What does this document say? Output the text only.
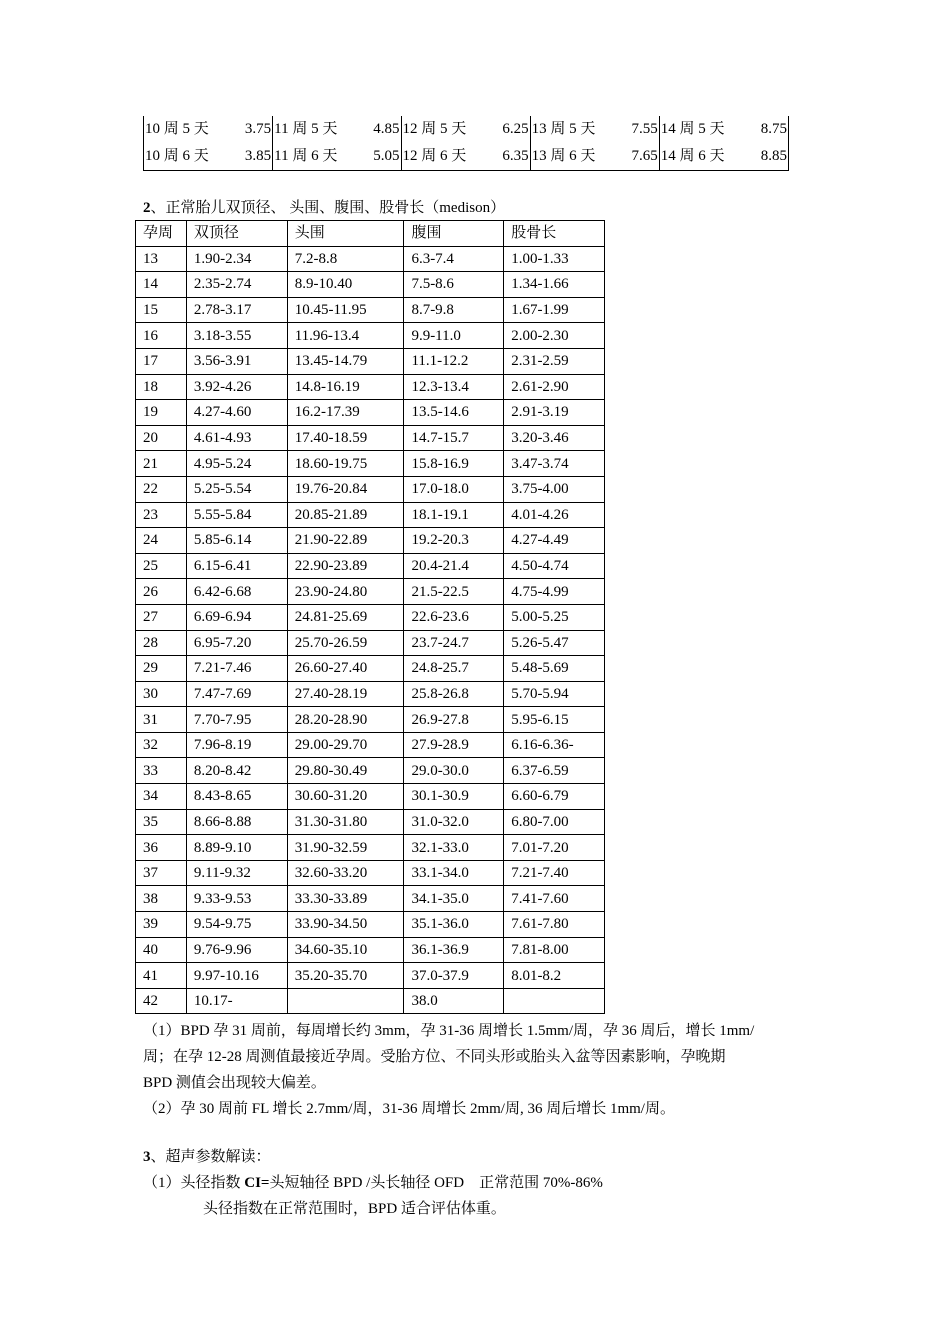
10 周 5 天 3.75	11 周 5 天 4.85	12 周 5 天 6.25	13 周 5 天 7.55	14 周 5 天 8.75

10 周 6 天 3.85	11 周 6 天 5.05	12 周 6 天 6.35	13 周 6 天 7.65	14 周 6 天 8.85
2、正常胎儿双顶径、 头围、腹围、股骨长（medison）
孕周	双顶径	头围	腹围	股骨长
13	1.90-2.34	7.2-8.8	6.3-7.4	1.00-1.33
14	2.35-2.74	8.9-10.40	7.5-8.6	1.34-1.66
15	2.78-3.17	10.45-11.95	8.7-9.8	1.67-1.99
16	3.18-3.55	11.96-13.4	9.9-11.0	2.00-2.30
17	3.56-3.91	13.45-14.79	11.1-12.2	2.31-2.59
18	3.92-4.26	14.8-16.19	12.3-13.4	2.61-2.90
19	4.27-4.60	16.2-17.39	13.5-14.6	2.91-3.19
20	4.61-4.93	17.40-18.59	14.7-15.7	3.20-3.46
21	4.95-5.24	18.60-19.75	15.8-16.9	3.47-3.74
22	5.25-5.54	19.76-20.84	17.0-18.0	3.75-4.00
23	5.55-5.84	20.85-21.89	18.1-19.1	4.01-4.26
24	5.85-6.14	21.90-22.89	19.2-20.3	4.27-4.49
25	6.15-6.41	22.90-23.89	20.4-21.4	4.50-4.74
26	6.42-6.68	23.90-24.80	21.5-22.5	4.75-4.99
27	6.69-6.94	24.81-25.69	22.6-23.6	5.00-5.25
28	6.95-7.20	25.70-26.59	23.7-24.7	5.26-5.47
29	7.21-7.46	26.60-27.40	24.8-25.7	5.48-5.69
30	7.47-7.69	27.40-28.19	25.8-26.8	5.70-5.94
31	7.70-7.95	28.20-28.90	26.9-27.8	5.95-6.15
32	7.96-8.19	29.00-29.70	27.9-28.9	6.16-6.36-
33	8.20-8.42	29.80-30.49	29.0-30.0	6.37-6.59
34	8.43-8.65	30.60-31.20	30.1-30.9	6.60-6.79
35	8.66-8.88	31.30-31.80	31.0-32.0	6.80-7.00
36	8.89-9.10	31.90-32.59	32.1-33.0	7.01-7.20
37	9.11-9.32	32.60-33.20	33.1-34.0	7.21-7.40
38	9.33-9.53	33.30-33.89	34.1-35.0	7.41-7.60
39	9.54-9.75	33.90-34.50	35.1-36.0	7.61-7.80
40	9.76-9.96	34.60-35.10	36.1-36.9	7.81-8.00
41	9.97-10.16	35.20-35.70	37.0-37.9	8.01-8.2
42	10.17-		38.0	

（1）BPD 孕 31 周前，每周增长约 3mm，孕 31-36 周增长 1.5mm/周，孕 36 周后，增长 1mm/

周；在孕 12-28 周测值最接近孕周。受胎方位、不同头形或胎头入盆等因素影响，孕晚期

BPD 测值会出现较大偏差。

（2）孕 30 周前 FL 增长 2.7mm/周，31-36 周增长 2mm/周, 36 周后增长 1mm/周。

3、超声参数解读：

（1）头径指数 CI=头短轴径 BPD /头长轴径 OFD    正常范围 70%-86%

头径指数在正常范围时，BPD 适合评估体重。
